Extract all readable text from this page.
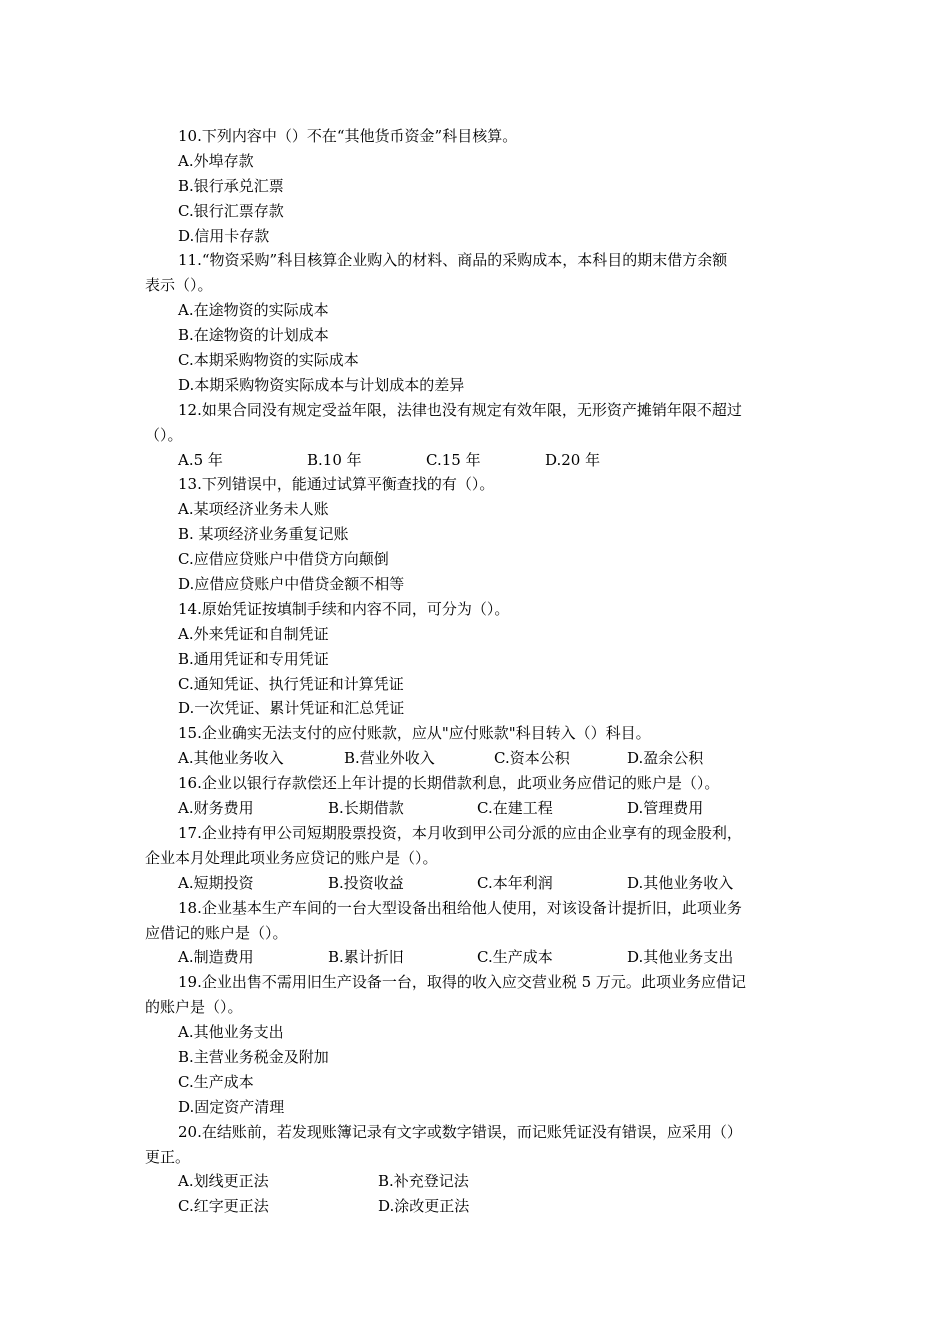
10.下列内容中（）不在“其他货币资金”科目核算。
A.外埠存款
B.银行承兑汇票
C.银行汇票存款
D.信用卡存款
11.“物资采购”科目核算企业购入的材料、商品的采购成本，本科目的期末借方余额
表示（）。
A.在途物资的实际成本
B.在途物资的计划成本
C.本期采购物资的实际成本
D.本期采购物资实际成本与计划成本的差异
12.如果合同没有规定受益年限，法律也没有规定有效年限，无形资产摊销年限不超过
（）。
A.5 年	B.10 年	C.15 年	D.20 年
13.下列错误中，能通过试算平衡查找的有（）。
A.某项经济业务未人账
B. 某项经济业务重复记账
C.应借应贷账户中借贷方向颠倒
D.应借应贷账户中借贷金额不相等
14.原始凭证按填制手续和内容不同，可分为（）。
A.外来凭证和自制凭证
B.通用凭证和专用凭证
C.通知凭证、执行凭证和计算凭证
D.一次凭证、累计凭证和汇总凭证
15.企业确实无法支付的应付账款，应从"应付账款"科目转入（）科目。
A.其他业务收入	B.营业外收入	C.资本公积	D.盈余公积
16.企业以银行存款偿还上年计提的长期借款利息，此项业务应借记的账户是（）。
A.财务费用	B.长期借款	C.在建工程	D.管理费用
17.企业持有甲公司短期股票投资，本月收到甲公司分派的应由企业享有的现金股利，
企业本月处理此项业务应贷记的账户是（）。
A.短期投资	B.投资收益	C.本年利润	D.其他业务收入
18.企业基本生产车间的一台大型设备出租给他人使用，对该设备计提折旧，此项业务
应借记的账户是（）。
A.制造费用	B.累计折旧	C.生产成本	D.其他业务支出
19.企业出售不需用旧生产设备一台，取得的收入应交营业税 5 万元。此项业务应借记
的账户是（）。
A.其他业务支出
B.主营业务税金及附加
C.生产成本
D.固定资产清理
20.在结账前，若发现账簿记录有文字或数字错误，而记账凭证没有错误，应采用（）
更正。
A.划线更正法	B.补充登记法
C.红字更正法	D.涂改更正法
